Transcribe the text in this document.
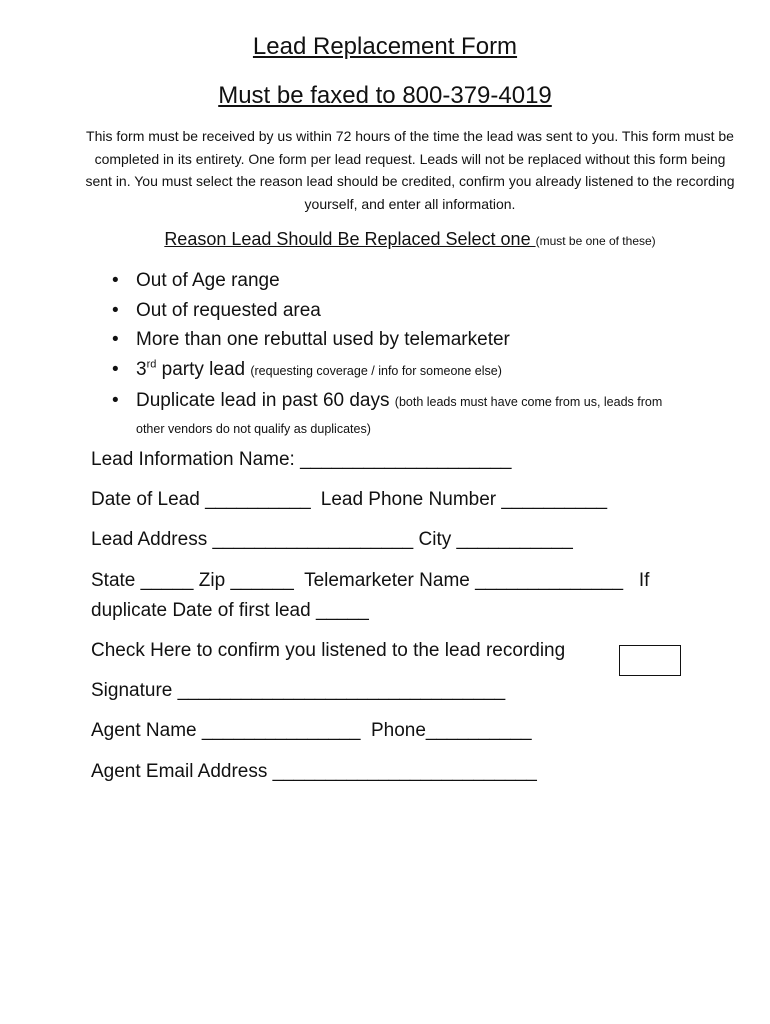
Lead Replacement Form
Must be faxed to 800-379-4019

This form must be received by us within 72 hours of the time the lead was sent to you. This form must be completed in its entirety. One form per lead request. Leads will not be replaced without this form being sent in. You must select the reason lead should be credited, confirm you already listened to the recording yourself, and enter all information.

Reason Lead Should Be Replaced Select one (must be one of these)

• Out of Age range
• Out of requested area
• More than one rebuttal used by telemarketer
• 3rd party lead (requesting coverage / info for someone else)
• Duplicate lead in past 60 days (both leads must have come from us, leads from
other vendors do not qualify as duplicates)

Lead Information Name: ____________________

Date of Lead __________ Lead Phone Number __________

Lead Address ___________________ City ___________

State _____ Zip ______ Telemarketer Name ______________ If
duplicate Date of first lead _____

Check Here to confirm you listened to the lead recording

Signature _______________________________

Agent Name _______________ Phone__________

Agent Email Address _________________________
